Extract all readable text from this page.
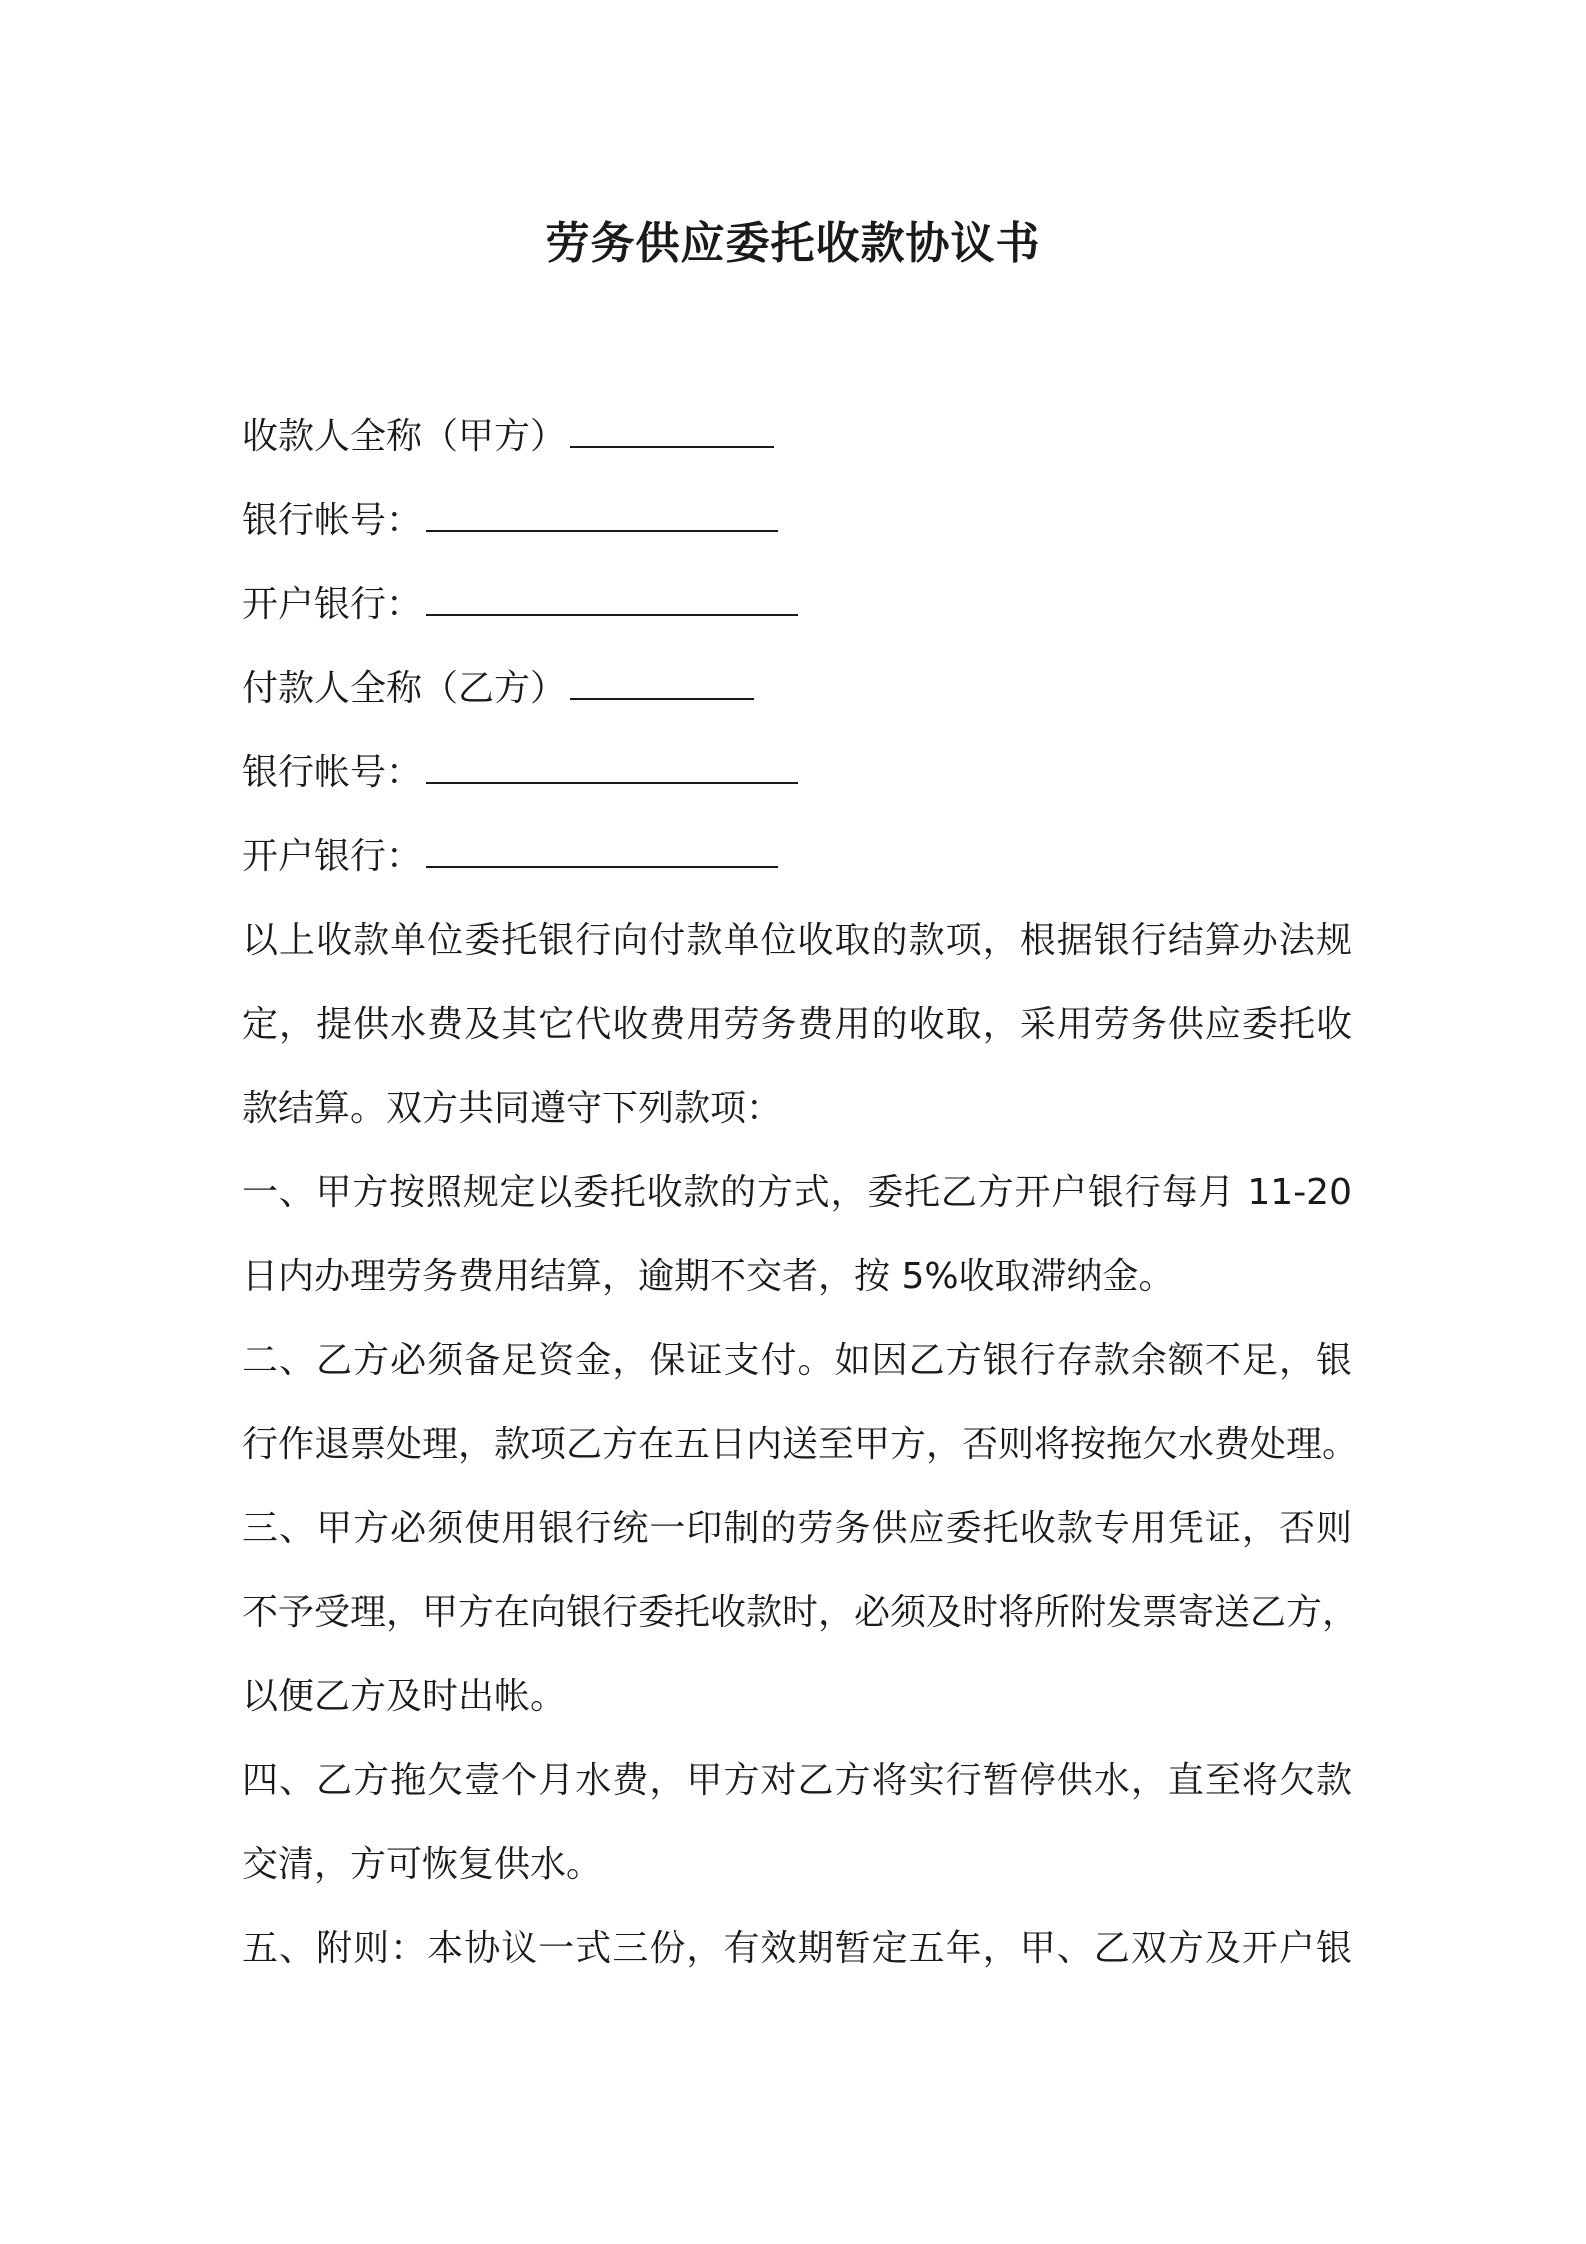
劳务供应委托收款协议书
收款人全称（甲方）
银行帐号：
开户银行：
付款人全称（乙方）
银行帐号：
开户银行：
以上收款单位委托银行向付款单位收取的款项，根据银行结算办法规
定，提供水费及其它代收费用劳务费用的收取，采用劳务供应委托收
款结算。双方共同遵守下列款项：
一、甲方按照规定以委托收款的方式，委托乙方开户银行每月 11-20
日内办理劳务费用结算，逾期不交者，按 5%收取滞纳金。
二、乙方必须备足资金，保证支付。如因乙方银行存款余额不足，银
行作退票处理，款项乙方在五日内送至甲方，否则将按拖欠水费处理。
三、甲方必须使用银行统一印制的劳务供应委托收款专用凭证，否则
不予受理，甲方在向银行委托收款时，必须及时将所附发票寄送乙方，
以便乙方及时出帐。
四、乙方拖欠壹个月水费，甲方对乙方将实行暂停供水，直至将欠款
交清，方可恢复供水。
五、附则：本协议一式三份，有效期暂定五年，甲、乙双方及开户银
